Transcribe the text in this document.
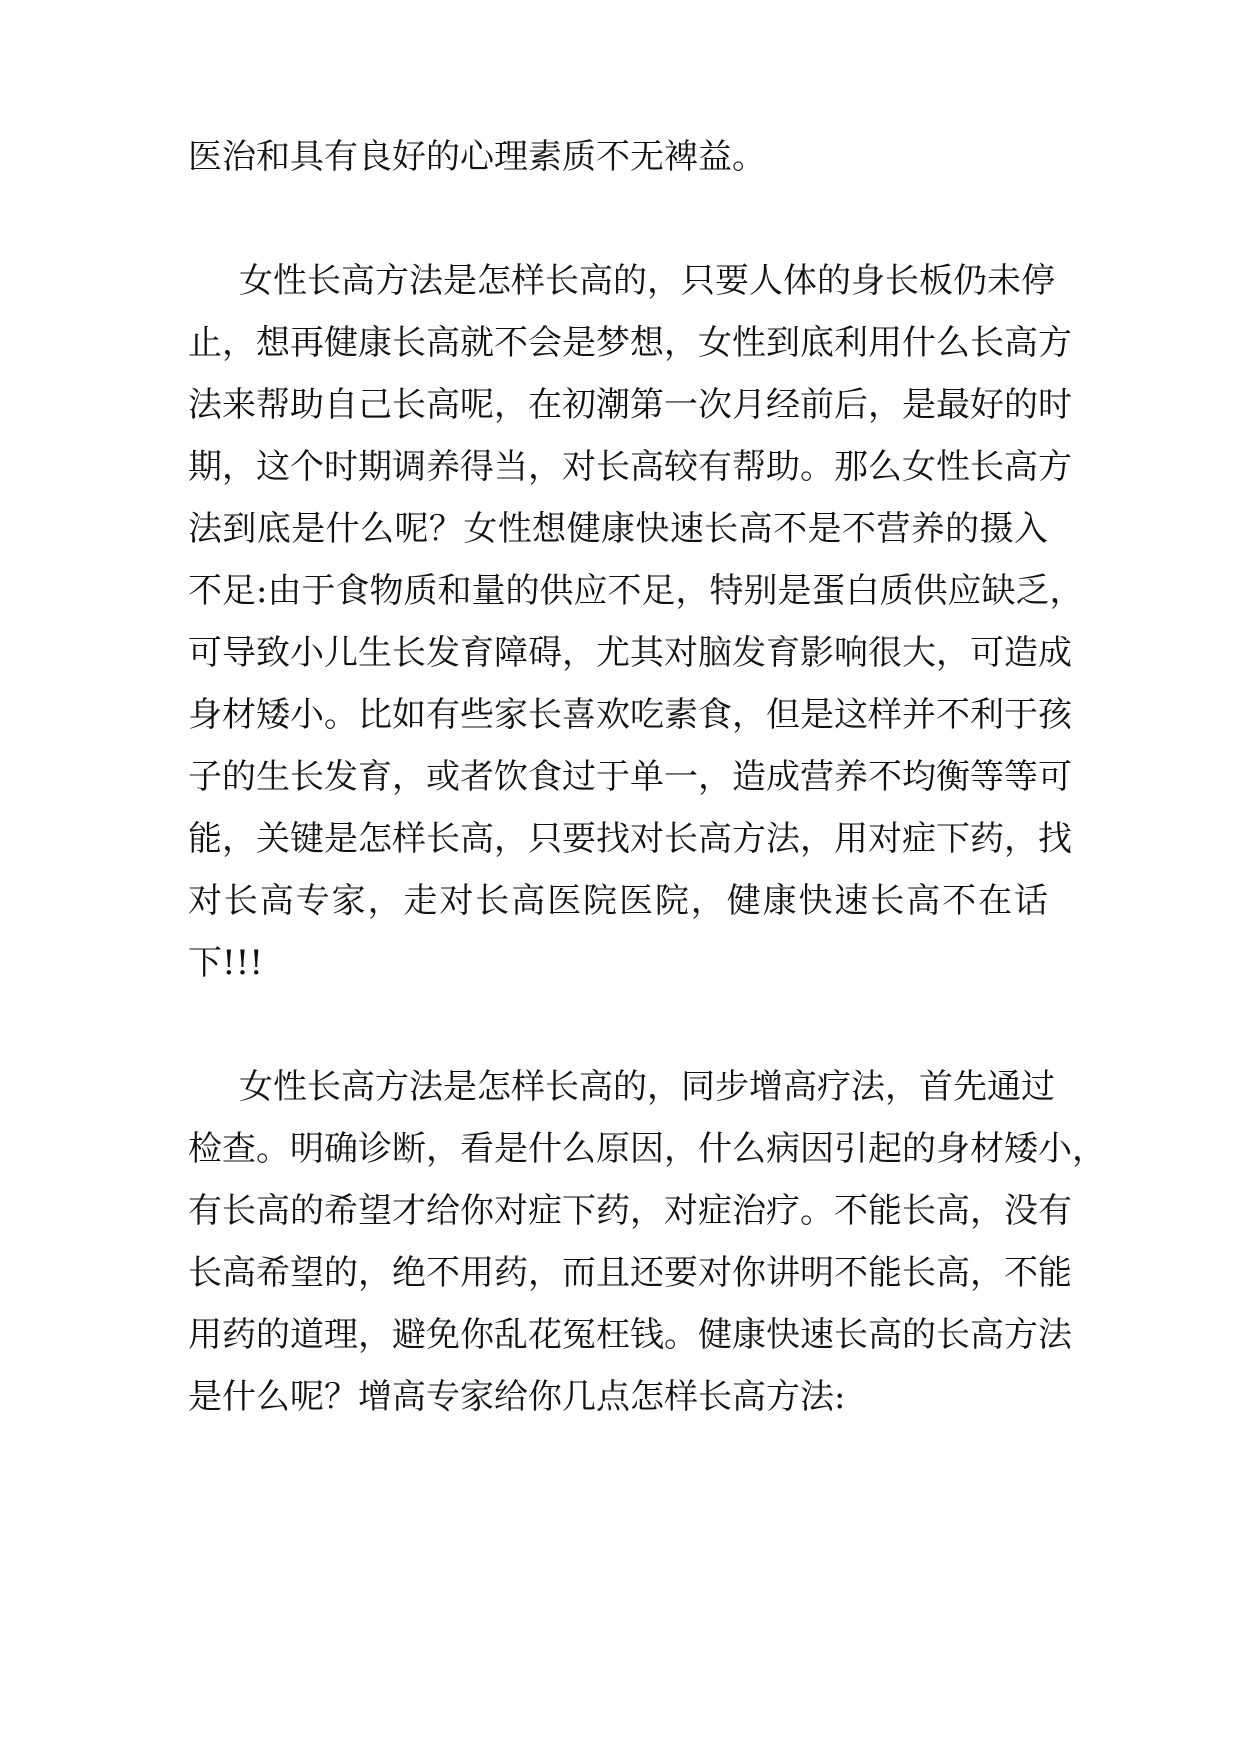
医治和具有良好的心理素质不无裨益。
女性长高方法是怎样长高的，只要人体的身长板仍未停
止，想再健康长高就不会是梦想，女性到底利用什么长高方
法来帮助自己长高呢，在初潮第一次月经前后，是最好的时
期，这个时期调养得当，对长高较有帮助。那么女性长高方
法到底是什么呢？女性想健康快速长高不是不营养的摄入
不足:由于食物质和量的供应不足，特别是蛋白质供应缺乏，
可导致小儿生长发育障碍，尤其对脑发育影响很大，可造成
身材矮小。比如有些家长喜欢吃素食，但是这样并不利于孩
子的生长发育，或者饮食过于单一，造成营养不均衡等等可
能，关键是怎样长高，只要找对长高方法，用对症下药，找
对长高专家，走对长高医院医院，健康快速长高不在话
下!!!
女性长高方法是怎样长高的，同步增高疗法，首先通过
检查。明确诊断，看是什么原因，什么病因引起的身材矮小，
有长高的希望才给你对症下药，对症治疗。不能长高，没有
长高希望的，绝不用药，而且还要对你讲明不能长高，不能
用药的道理，避免你乱花冤枉钱。健康快速长高的长高方法
是什么呢？增高专家给你几点怎样长高方法:
